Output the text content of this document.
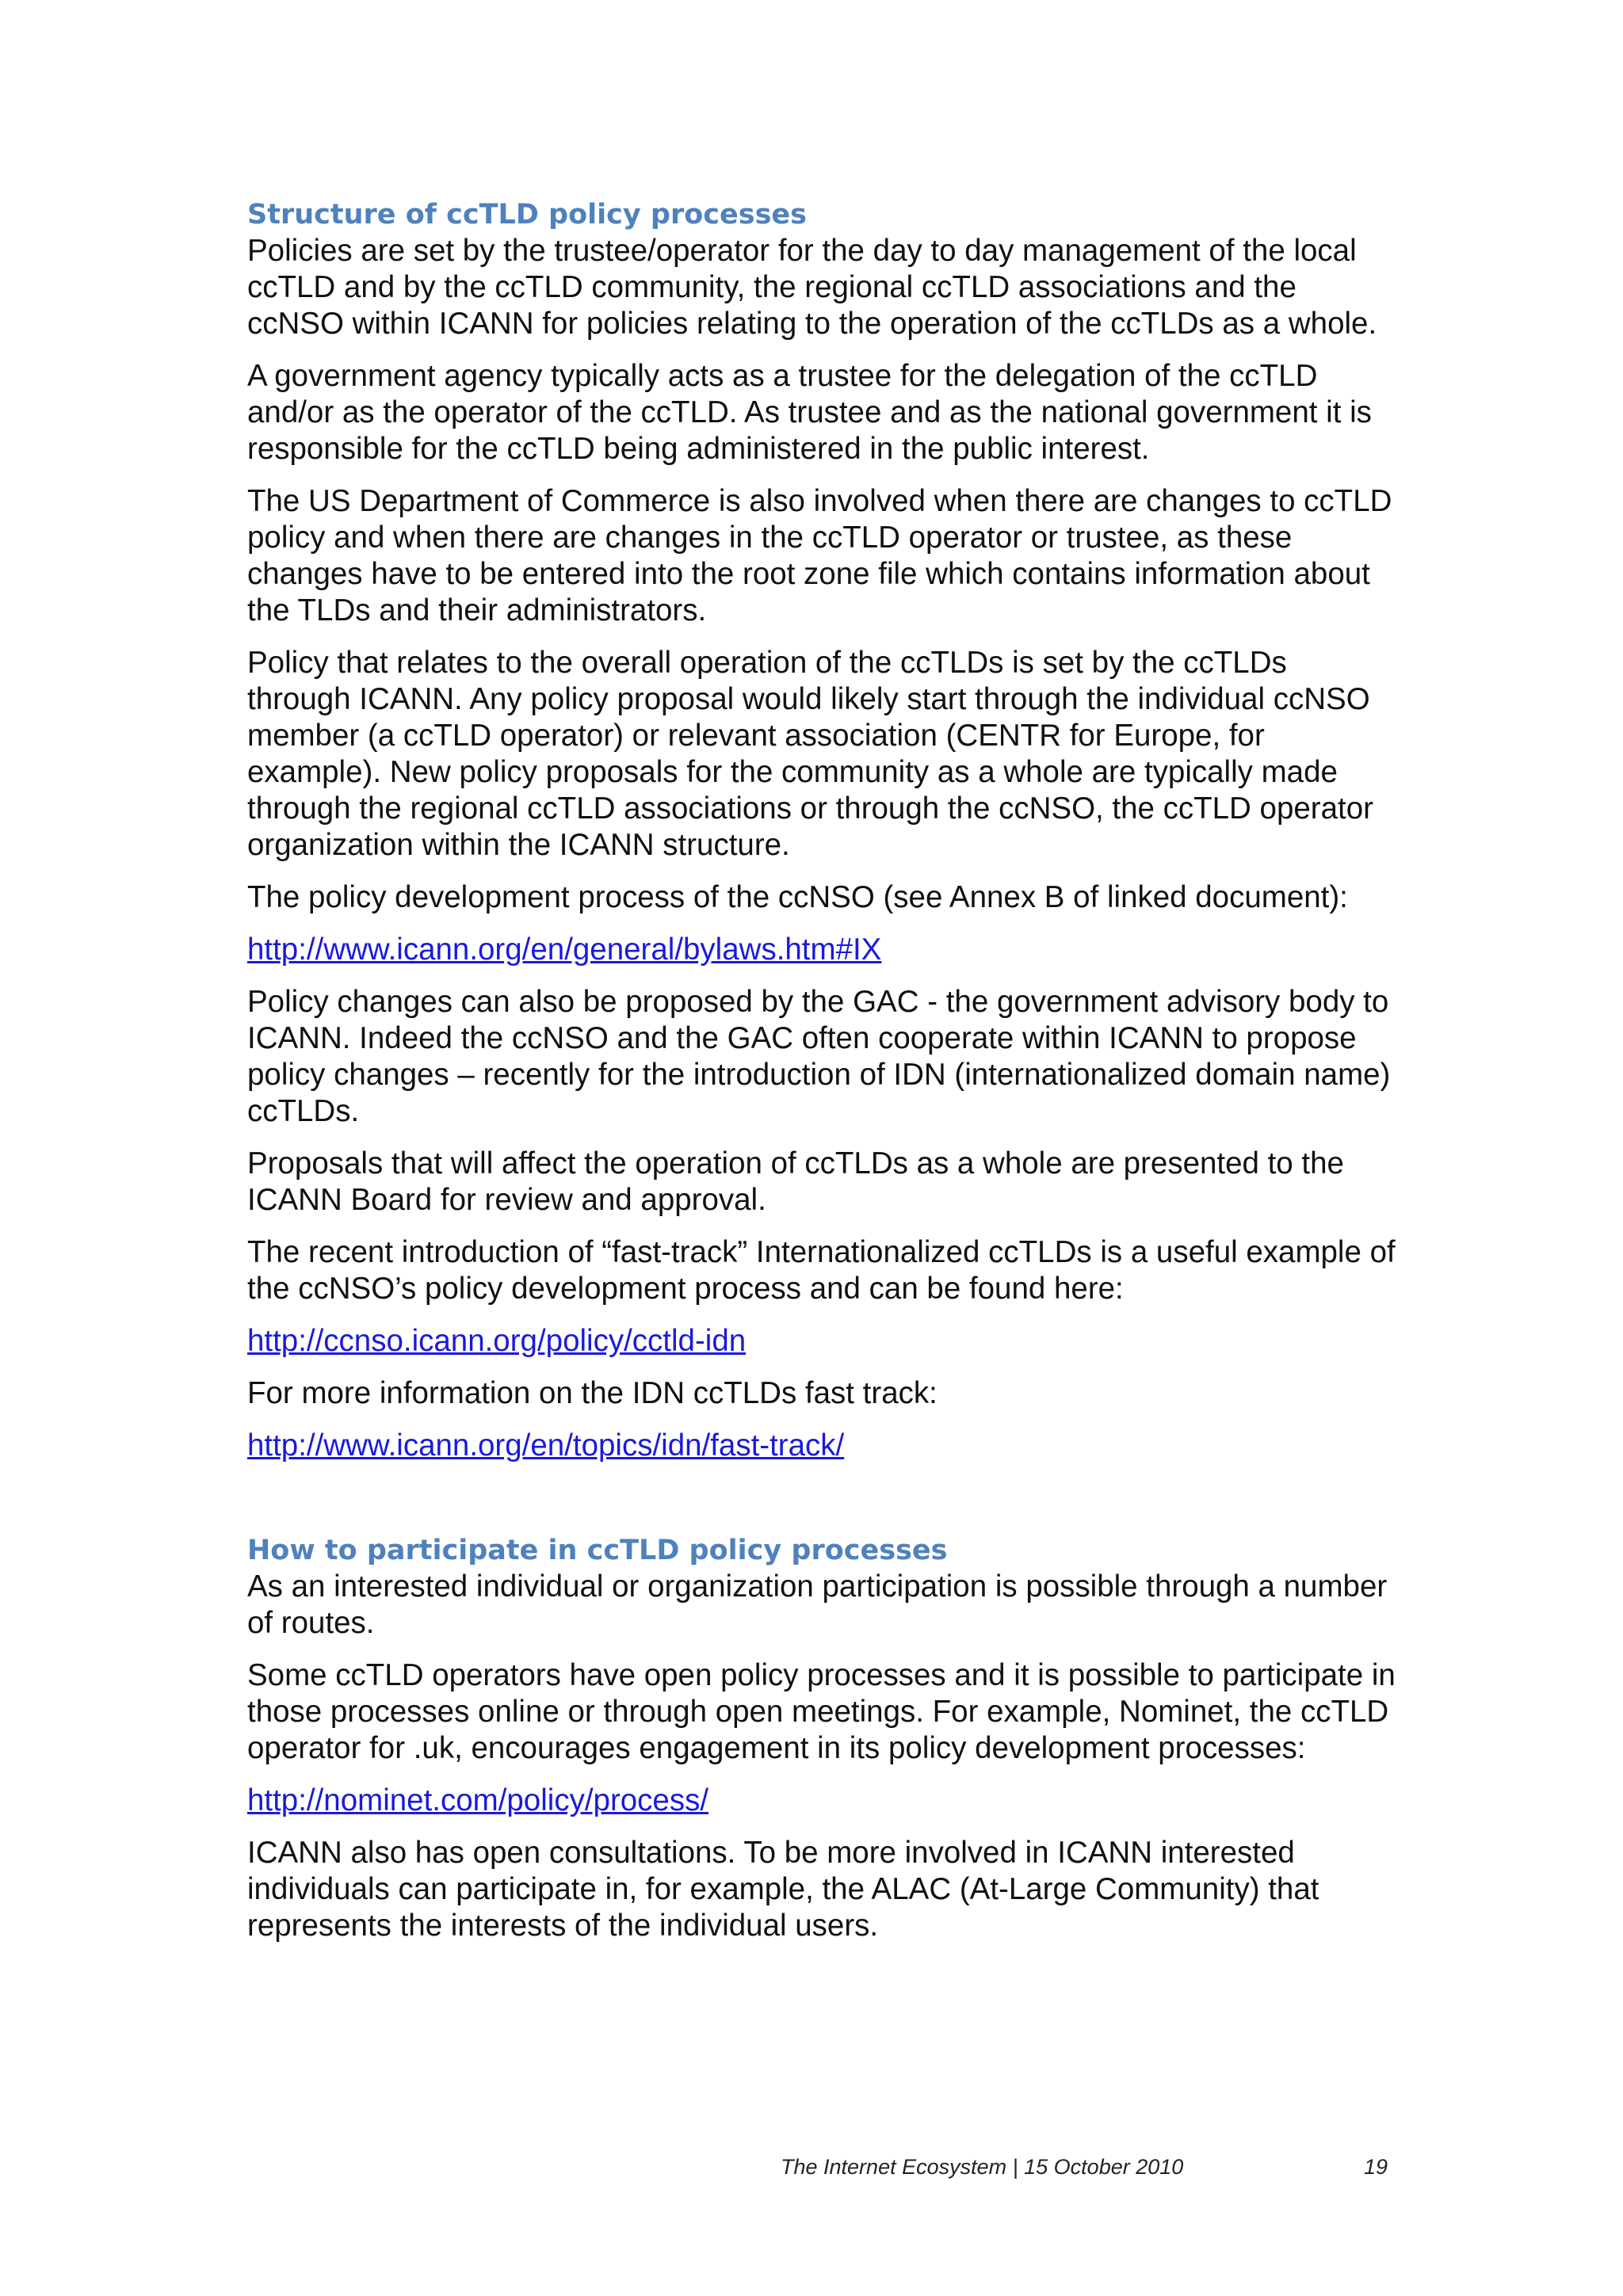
Structure of ccTLD policy processes

Policies are set by the trustee/operator for the day to day management of the local ccTLD and by the ccTLD community, the regional ccTLD associations and the ccNSO within ICANN for policies relating to the operation of the ccTLDs as a whole.

A government agency typically acts as a trustee for the delegation of the ccTLD and/or as the operator of the ccTLD. As trustee and as the national government it is responsible for the ccTLD being administered in the public interest.

The US Department of Commerce is also involved when there are changes to ccTLD policy and when there are changes in the ccTLD operator or trustee, as these changes have to be entered into the root zone file which contains information about the TLDs and their administrators.

Policy that relates to the overall operation of the ccTLDs is set by the ccTLDs through ICANN. Any policy proposal would likely start through the individual ccNSO member (a ccTLD operator) or relevant association (CENTR for Europe, for example). New policy proposals for the community as a whole are typically made through the regional ccTLD associations or through the ccNSO, the ccTLD operator organization within the ICANN structure.

The policy development process of the ccNSO (see Annex B of linked document):

http://www.icann.org/en/general/bylaws.htm#IX

Policy changes can also be proposed by the GAC - the government advisory body to ICANN. Indeed the ccNSO and the GAC often cooperate within ICANN to propose policy changes – recently for the introduction of IDN (internationalized domain name) ccTLDs.

Proposals that will affect the operation of ccTLDs as a whole are presented to the ICANN Board for review and approval.

The recent introduction of “fast-track” Internationalized ccTLDs is a useful example of the ccNSO’s policy development process and can be found here:

http://ccnso.icann.org/policy/cctld-idn

For more information on the IDN ccTLDs fast track:

http://www.icann.org/en/topics/idn/fast-track/

How to participate in ccTLD policy processes

As an interested individual or organization participation is possible through a number of routes.

Some ccTLD operators have open policy processes and it is possible to participate in those processes online or through open meetings. For example, Nominet, the ccTLD operator for .uk, encourages engagement in its policy development processes:

http://nominet.com/policy/process/

ICANN also has open consultations. To be more involved in ICANN interested individuals can participate in, for example, the ALAC (At-Large Community) that represents the interests of the individual users.

The Internet Ecosystem | 15 October 2010	19
